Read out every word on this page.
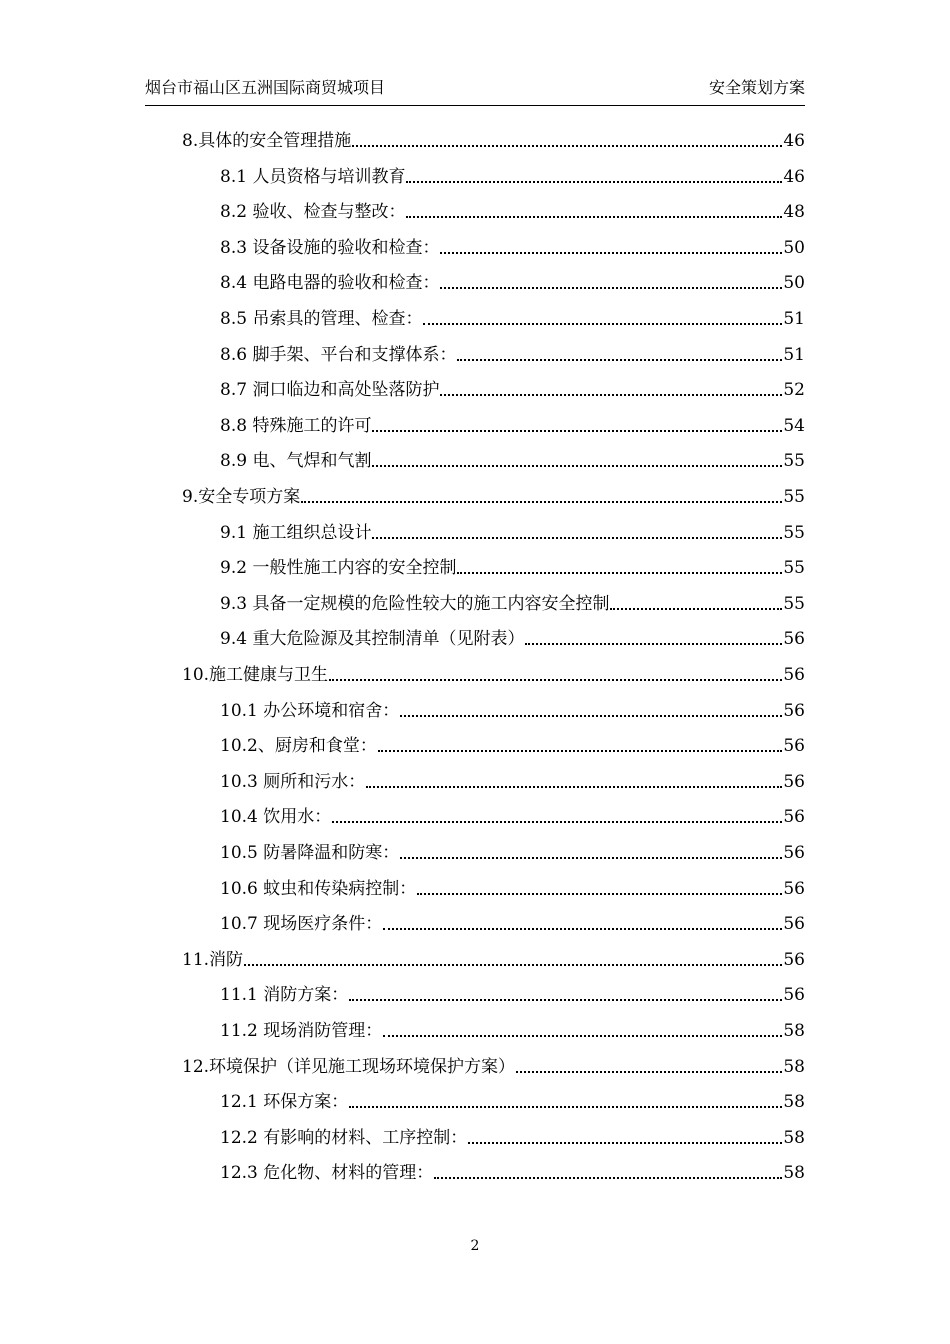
烟台市福山区五洲国际商贸城项目	安全策划方案
8.具体的安全管理措施	46
8.1 人员资格与培训教育	46
8.2 验收、检查与整改：	48
8.3 设备设施的验收和检查：	50
8.4 电路电器的验收和检查：	50
8.5 吊索具的管理、检查：	51
8.6 脚手架、平台和支撑体系：	51
8.7 洞口临边和高处坠落防护	52
8.8 特殊施工的许可	54
8.9 电、气焊和气割	55
9.安全专项方案	55
9.1 施工组织总设计	55
9.2 一般性施工内容的安全控制	55
9.3 具备一定规模的危险性较大的施工内容安全控制	55
9.4 重大危险源及其控制清单（见附表）	56
10.施工健康与卫生	56
10.1 办公环境和宿舍：	56
10.2、厨房和食堂：	56
10.3 厕所和污水：	56
10.4 饮用水：	56
10.5 防暑降温和防寒：	56
10.6 蚊虫和传染病控制：	56
10.7 现场医疗条件：	56
11.消防	56
11.1 消防方案：	56
11.2 现场消防管理：	58
12.环境保护（详见施工现场环境保护方案）	58
12.1 环保方案：	58
12.2 有影响的材料、工序控制：	58
12.3 危化物、材料的管理：	58
2
